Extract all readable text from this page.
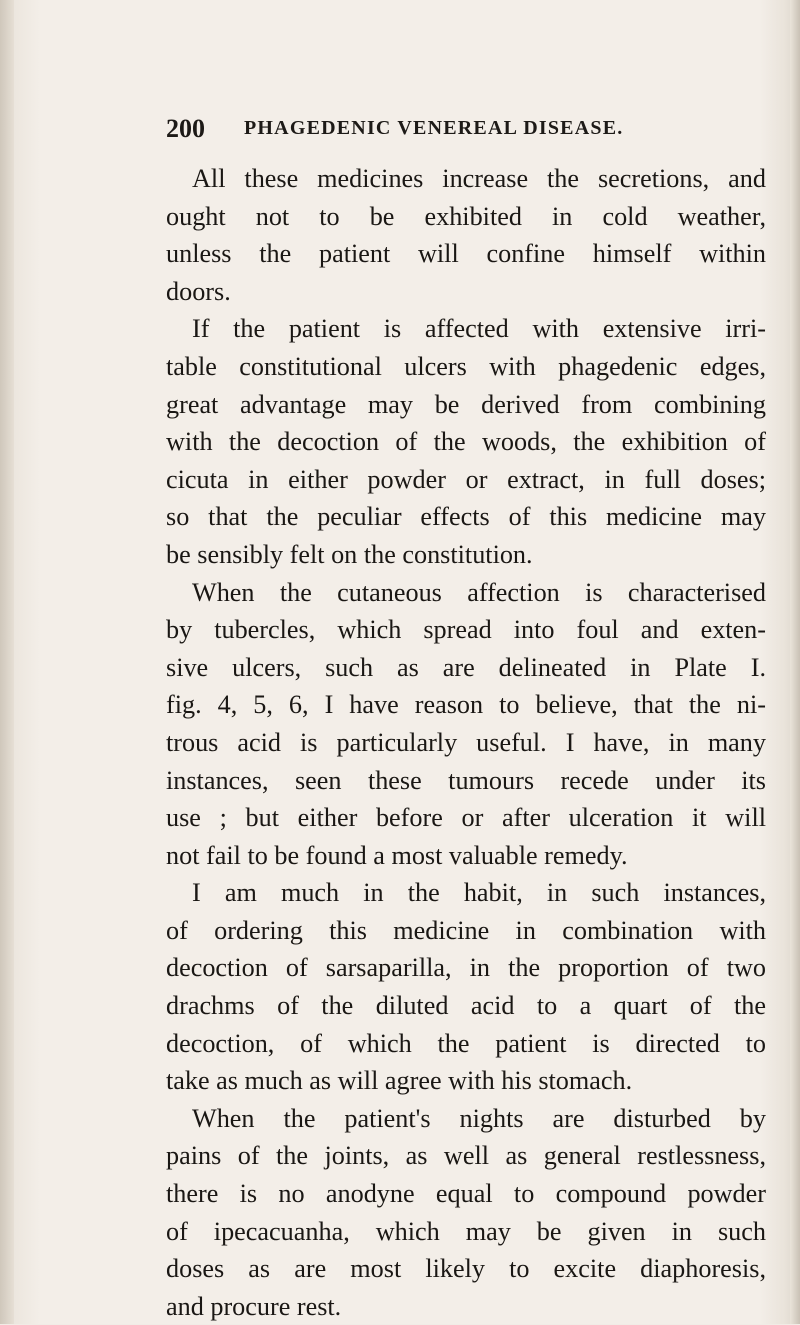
200 PHAGEDENIC VENEREAL DISEASE.
All these medicines increase the secretions, and
ought not to be exhibited in cold weather,
unless the patient will confine himself within
doors.
If the patient is affected with extensive irri-
table constitutional ulcers with phagedenic edges,
great advantage may be derived from combining
with the decoction of the woods, the exhibition of
cicuta in either powder or extract, in full doses;
so that the peculiar effects of this medicine may
be sensibly felt on the constitution.
When the cutaneous affection is characterised
by tubercles, which spread into foul and exten-
sive ulcers, such as are delineated in Plate I.
fig. 4, 5, 6, I have reason to believe, that the ni-
trous acid is particularly useful. I have, in many
instances, seen these tumours recede under its
use ; but either before or after ulceration it will
not fail to be found a most valuable remedy.
I am much in the habit, in such instances,
of ordering this medicine in combination with
decoction of sarsaparilla, in the proportion of two
drachms of the diluted acid to a quart of the
decoction, of which the patient is directed to
take as much as will agree with his stomach.
When the patient's nights are disturbed by
pains of the joints, as well as general restlessness,
there is no anodyne equal to compound powder
of ipecacuanha, which may be given in such
doses as are most likely to excite diaphoresis,
and procure rest.
